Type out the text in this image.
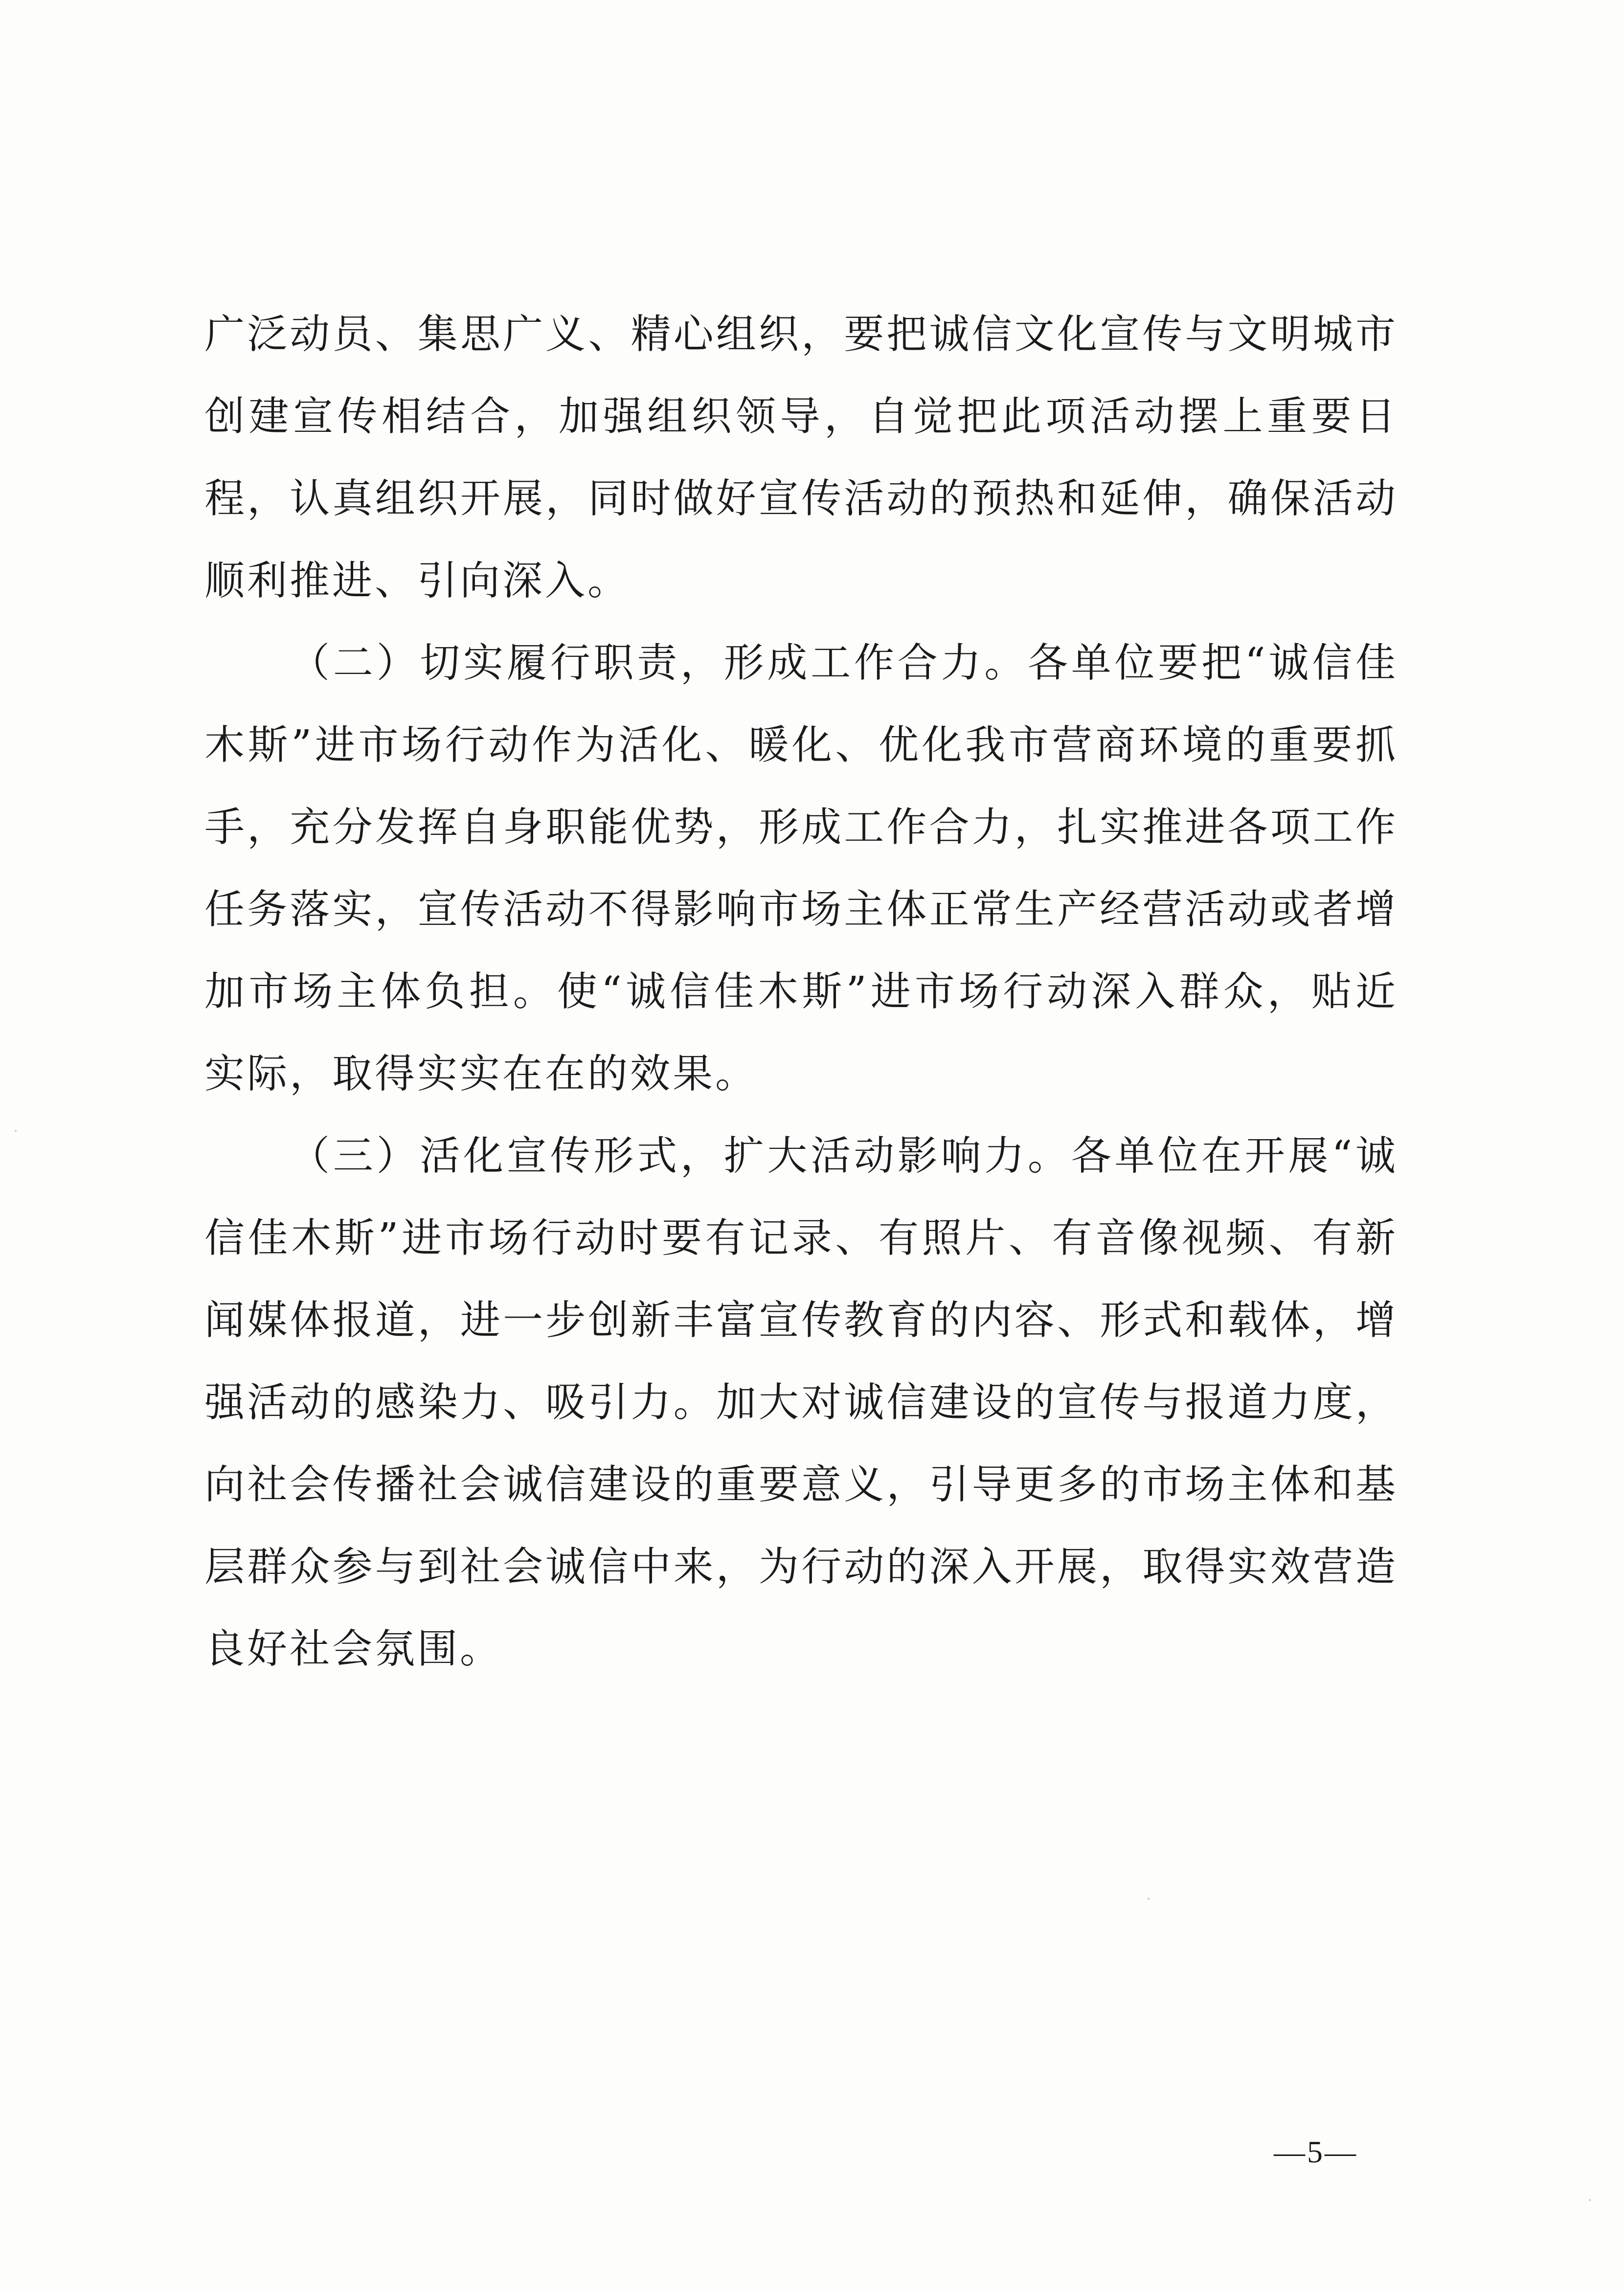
广泛动员、集思广义、精心组织，要把诚信文化宣传与文明城市创建宣传相结合，加强组织领导，自觉把此项活动摆上重要日程，认真组织开展，同时做好宣传活动的预热和延伸，确保活动顺利推进、引向深入。

（二）切实履行职责，形成工作合力。各单位要把“诚信佳木斯”进市场行动作为活化、暖化、优化我市营商环境的重要抓手，充分发挥自身职能优势，形成工作合力，扎实推进各项工作任务落实，宣传活动不得影响市场主体正常生产经营活动或者增加市场主体负担。使“诚信佳木斯”进市场行动深入群众，贴近实际，取得实实在在的效果。

（三）活化宣传形式，扩大活动影响力。各单位在开展“诚信佳木斯”进市场行动时要有记录、有照片、有音像视频、有新闻媒体报道，进一步创新丰富宣传教育的内容、形式和载体，增强活动的感染力、吸引力。加大对诚信建设的宣传与报道力度，向社会传播社会诚信建设的重要意义，引导更多的市场主体和基层群众参与到社会诚信中来，为行动的深入开展，取得实效营造良好社会氛围。

—5—
